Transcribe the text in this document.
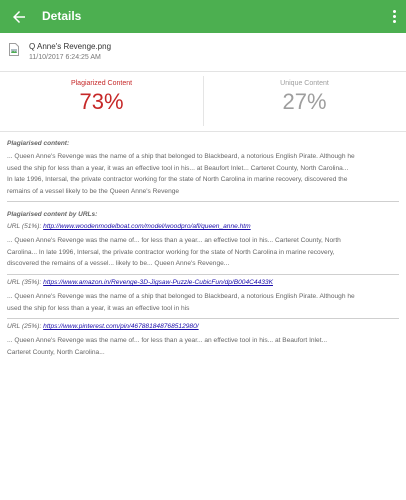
Details
Q Anne's Revenge.png
11/10/2017 6:24:25 AM
Plagiarized Content
73%
Unique Content
27%
Plagiarised content:
... Queen Anne's Revenge was the name of a ship that belonged to Blackbeard, a notorious English Pirate. Although he
used the ship for less than a year, it was an effective tool in his... at Beaufort Inlet... Carteret County, North Carolina...
In late 1996, Intersal, the private contractor working for the state of North Carolina in marine recovery, discovered the
remains of a vessel likely to be the Queen Anne's Revenge
Plagiarised content by URLs:
URL (51%): http://www.woodenmodelboat.com/model/woodpro/afl/queen_anne.htm
... Queen Anne's Revenge was the name of... for less than a year... an effective tool in his... Carteret County, North
Carolina... In late 1996, Intersal, the private contractor working for the state of North Carolina in marine recovery,
discovered the remains of a vessel... likely to be... Queen Anne's Revenge...
URL (35%): https://www.amazon.in/Revenge-3D-Jigsaw-Puzzle-CubicFun/dp/B004C4433K
... Queen Anne's Revenge was the name of a ship that belonged to Blackbeard, a notorious English Pirate. Although he
used the ship for less than a year, it was an effective tool in his
URL (25%): https://www.pinterest.com/pin/467881848768512980/
... Queen Anne's Revenge was the name of... for less than a year... an effective tool in his... at Beaufort Inlet...
Carteret County, North Carolina...
